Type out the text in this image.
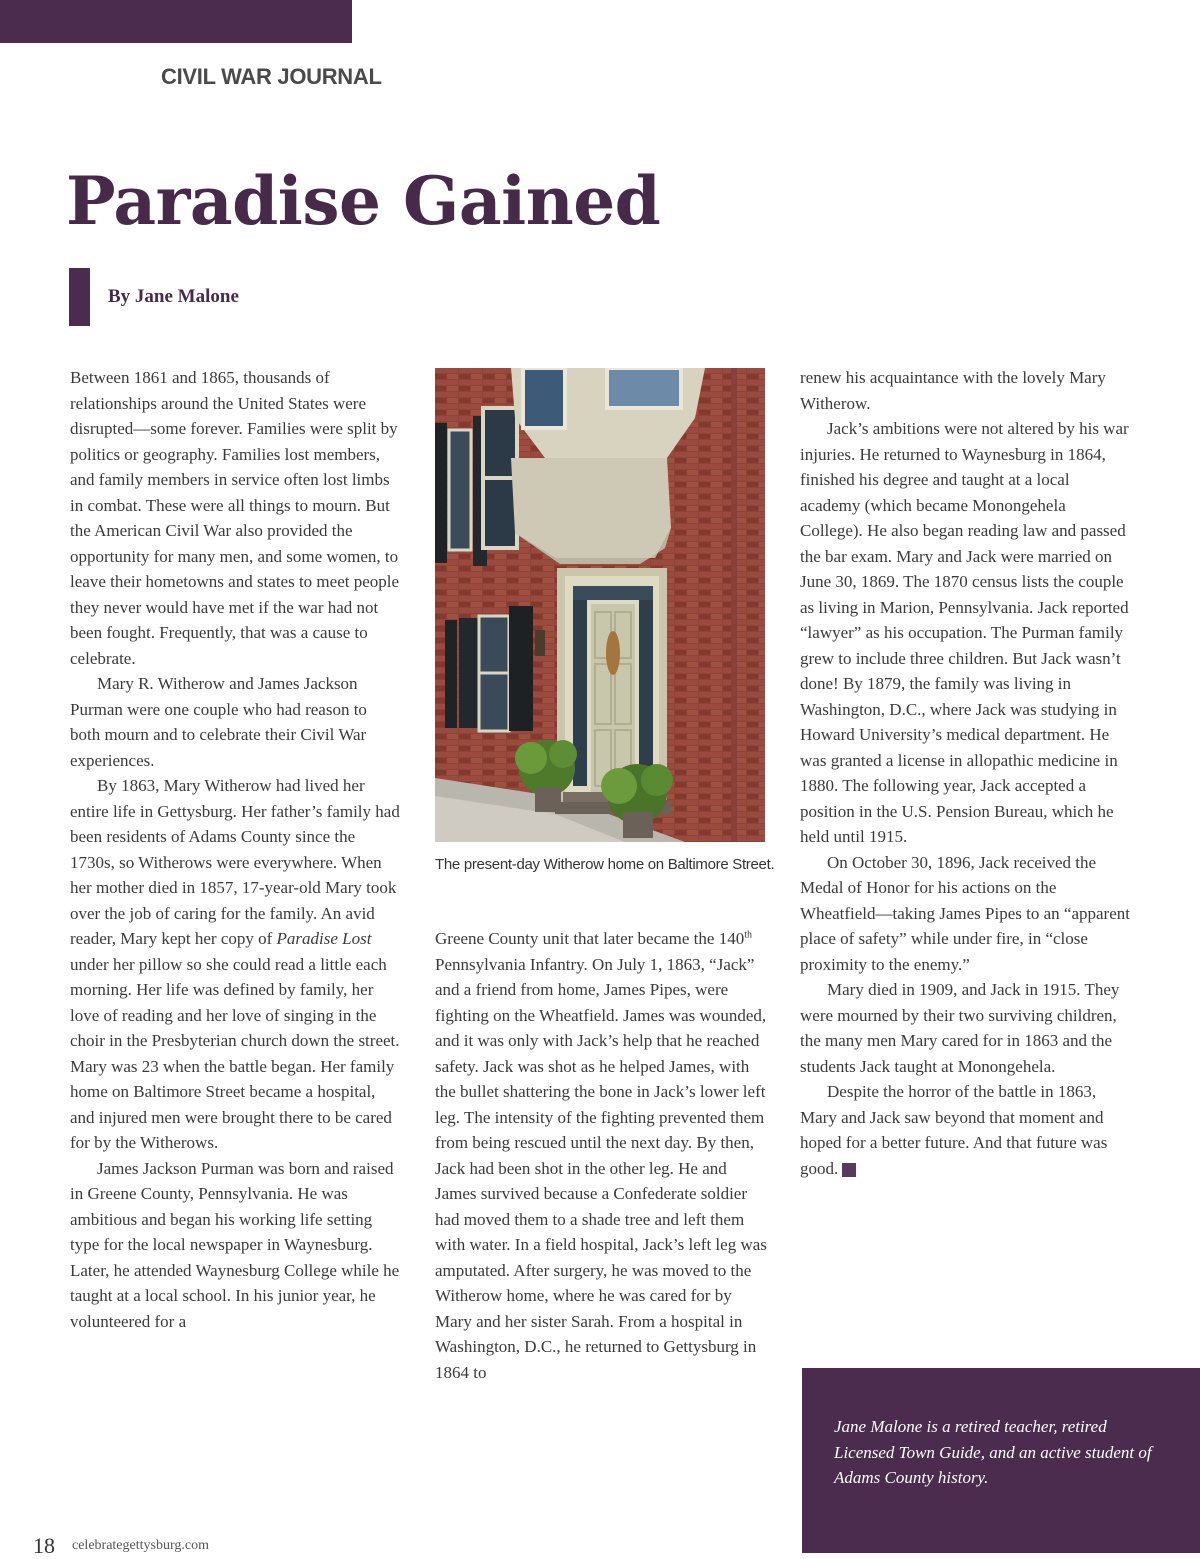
CIVIL WAR JOURNAL
Paradise Gained
By Jane Malone

Between 1861 and 1865, thousands of relationships around the United States were disrupted—some forever. Families were split by politics or geography. Families lost members, and family members in service often lost limbs in combat. These were all things to mourn. But the American Civil War also provided the opportunity for many men, and some women, to leave their hometowns and states to meet people they never would have met if the war had not been fought. Frequently, that was a cause to celebrate.

Mary R. Witherow and James Jackson Purman were one couple who had reason to both mourn and to celebrate their Civil War experiences.

By 1863, Mary Witherow had lived her entire life in Gettysburg. Her father’s family had been residents of Adams County since the 1730s, so Witherows were everywhere. When her mother died in 1857, 17-year-old Mary took over the job of caring for the family. An avid reader, Mary kept her copy of Paradise Lost under her pillow so she could read a little each morning. Her life was defined by family, her love of reading and her love of singing in the choir in the Presbyterian church down the street. Mary was 23 when the battle began. Her family home on Baltimore Street became a hospital, and injured men were brought there to be cared for by the Witherows.

James Jackson Purman was born and raised in Greene County, Pennsylvania. He was ambitious and began his working life setting type for the local newspaper in Waynesburg. Later, he attended Waynesburg College while he taught at a local school. In his junior year, he volunteered for a

The present-day Witherow home on Baltimore Street.

Greene County unit that later became the 140th Pennsylvania Infantry. On July 1, 1863, “Jack” and a friend from home, James Pipes, were fighting on the Wheatfield. James was wounded, and it was only with Jack’s help that he reached safety. Jack was shot as he helped James, with the bullet shattering the bone in Jack’s lower left leg. The intensity of the fighting prevented them from being rescued until the next day. By then, Jack had been shot in the other leg. He and James survived because a Confederate soldier had moved them to a shade tree and left them with water. In a field hospital, Jack’s left leg was amputated. After surgery, he was moved to the Witherow home, where he was cared for by Mary and her sister Sarah. From a hospital in Washington, D.C., he returned to Gettysburg in 1864 to

renew his acquaintance with the lovely Mary Witherow.

Jack’s ambitions were not altered by his war injuries. He returned to Waynesburg in 1864, finished his degree and taught at a local academy (which became Monongehela College). He also began reading law and passed the bar exam. Mary and Jack were married on June 30, 1869. The 1870 census lists the couple as living in Marion, Pennsylvania. Jack reported “lawyer” as his occupation. The Purman family grew to include three children. But Jack wasn’t done! By 1879, the family was living in Washington, D.C., where Jack was studying in Howard University’s medical department. He was granted a license in allopathic medicine in 1880. The following year, Jack accepted a position in the U.S. Pension Bureau, which he held until 1915.

On October 30, 1896, Jack received the Medal of Honor for his actions on the Wheatfield—taking James Pipes to an “apparent place of safety” while under fire, in “close proximity to the enemy.”

Mary died in 1909, and Jack in 1915. They were mourned by their two surviving children, the many men Mary cared for in 1863 and the students Jack taught at Monongehela.

Despite the horror of the battle in 1863, Mary and Jack saw beyond that moment and hoped for a better future. And that future was good.	G

Jane Malone is a retired teacher, retired Licensed Town Guide, and an active student of Adams County history.
18 celebrategettysburg.com
